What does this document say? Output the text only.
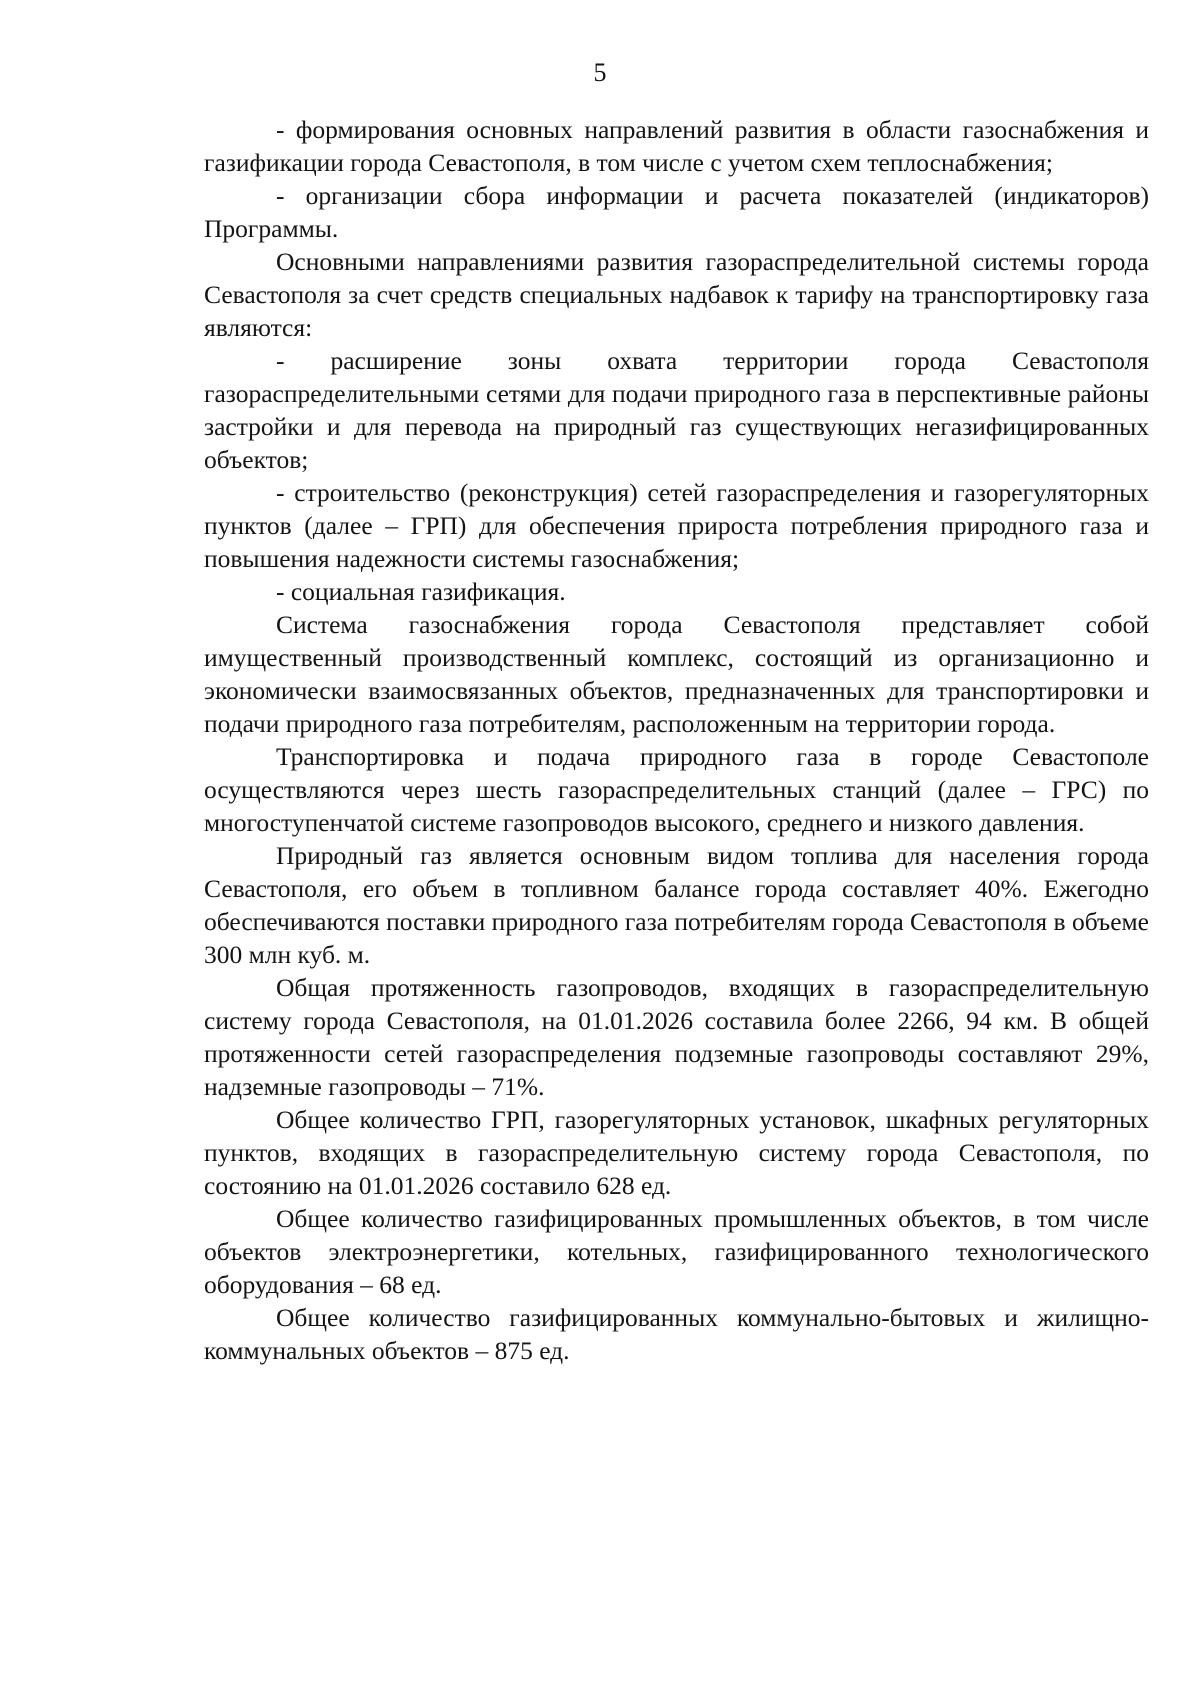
5

- формирования основных направлений развития в области газоснабжения и газификации города Севастополя, в том числе с учетом схем теплоснабжения;

- организации сбора информации и расчета показателей (индикаторов) Программы.

Основными направлениями развития газораспределительной системы города Севастополя за счет средств специальных надбавок к тарифу на транспортировку газа являются:

- расширение зоны охвата территории города Севастополя газораспределительными сетями для подачи природного газа в перспективные районы застройки и для перевода на природный газ существующих негазифицированных объектов;

- строительство (реконструкция) сетей газораспределения и газорегуляторных пунктов (далее – ГРП) для обеспечения прироста потребления природного газа и повышения надежности системы газоснабжения;

- социальная газификация.

Система газоснабжения города Севастополя представляет собой имущественный производственный комплекс, состоящий из организационно и экономически взаимосвязанных объектов, предназначенных для транспортировки и подачи природного газа потребителям, расположенным на территории города.

Транспортировка и подача природного газа в городе Севастополе осуществляются через шесть газораспределительных станций (далее – ГРС) по многоступенчатой системе газопроводов высокого, среднего и низкого давления.

Природный газ является основным видом топлива для населения города Севастополя, его объем в топливном балансе города составляет 40%. Ежегодно обеспечиваются поставки природного газа потребителям города Севастополя в объеме 300 млн куб. м.

Общая протяженность газопроводов, входящих в газораспределительную систему города Севастополя, на 01.01.2026 составила более 2266, 94 км. В общей протяженности сетей газораспределения подземные газопроводы составляют 29%, надземные газопроводы – 71%.

Общее количество ГРП, газорегуляторных установок, шкафных регуляторных пунктов, входящих в газораспределительную систему города Севастополя, по состоянию на 01.01.2026 составило 628 ед.

Общее количество газифицированных промышленных объектов, в том числе объектов электроэнергетики, котельных, газифицированного технологического оборудования – 68 ед.

Общее количество газифицированных коммунально-бытовых и жилищно-коммунальных объектов – 875 ед.
